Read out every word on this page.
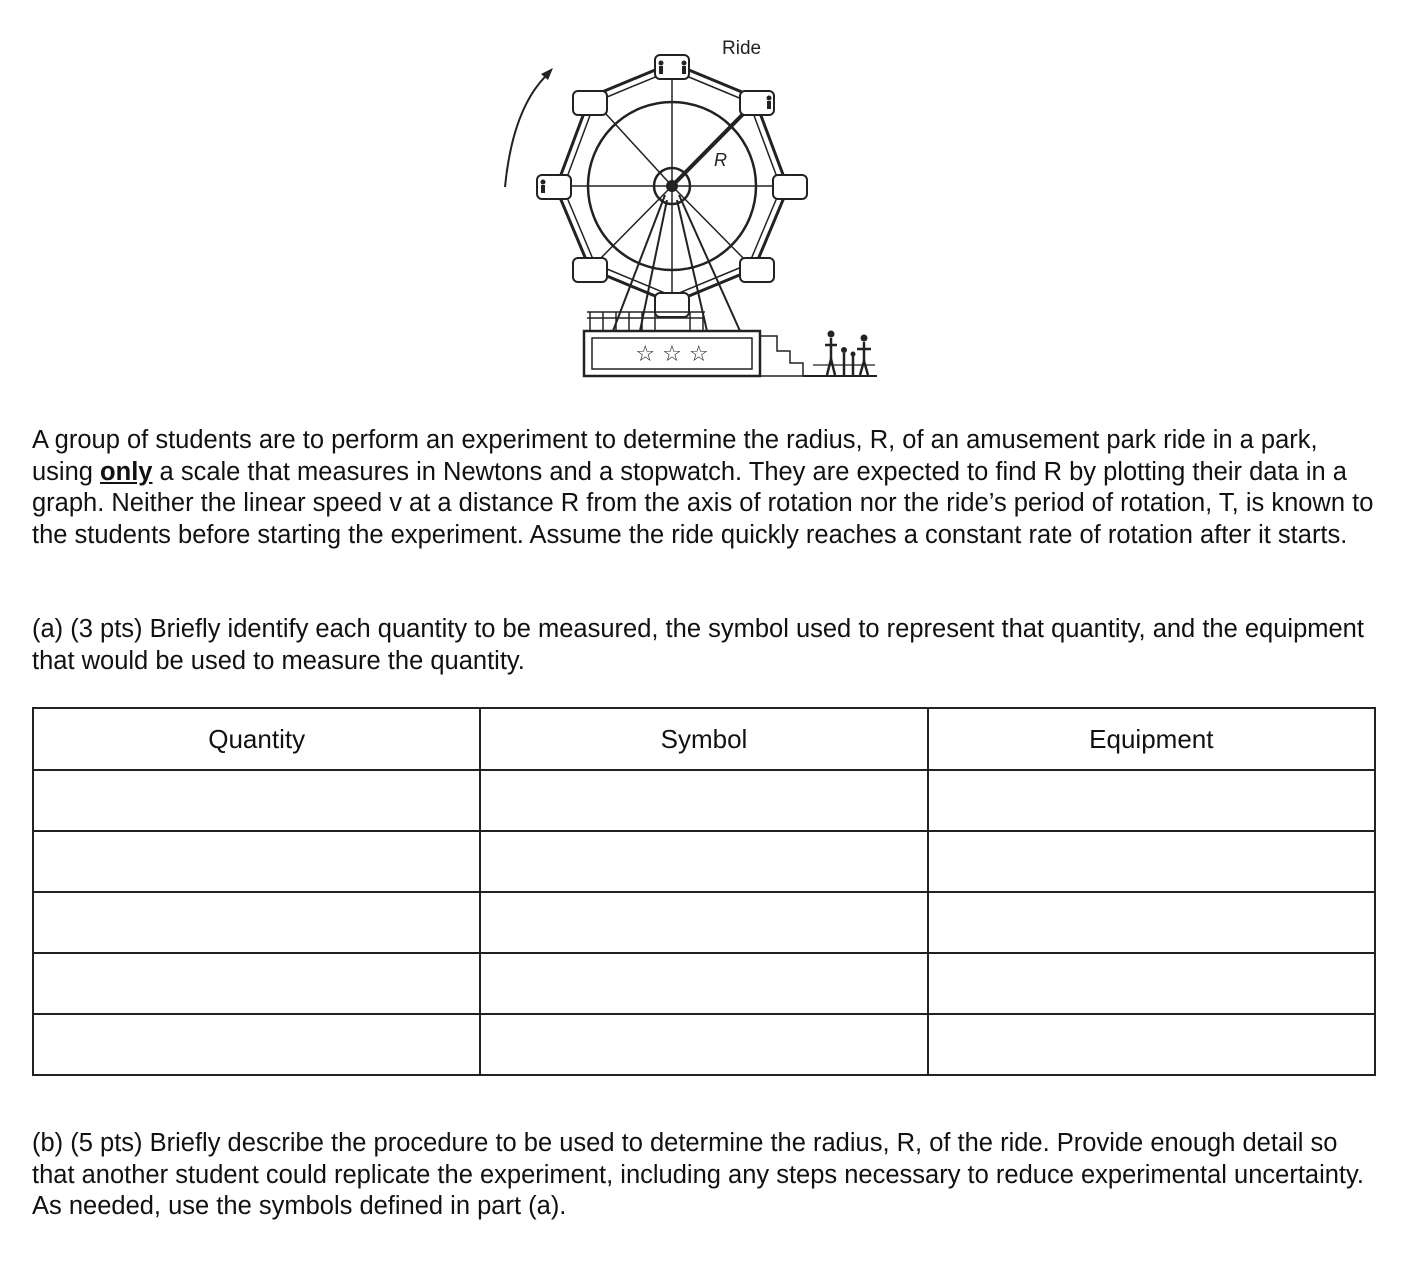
☆ ☆ ☆
Ride
R

A group of students are to perform an experiment to determine the radius, R, of an amusement park ride in a park, using only a scale that measures in Newtons and a stopwatch. They are expected to find R by plotting their data in a graph. Neither the linear speed v at a distance R from the axis of rotation nor the ride’s period of rotation, T, is known to the students before starting the experiment. Assume the ride quickly reaches a constant rate of rotation after it starts.

(a) (3 pts) Briefly identify each quantity to be measured, the symbol used to represent that quantity, and the equipment that would be used to measure the quantity.

Quantity	Symbol	Equipment

(b) (5 pts) Briefly describe the procedure to be used to determine the radius, R, of the ride. Provide enough detail so that another student could replicate the experiment, including any steps necessary to reduce experimental uncertainty. As needed, use the symbols defined in part (a).
